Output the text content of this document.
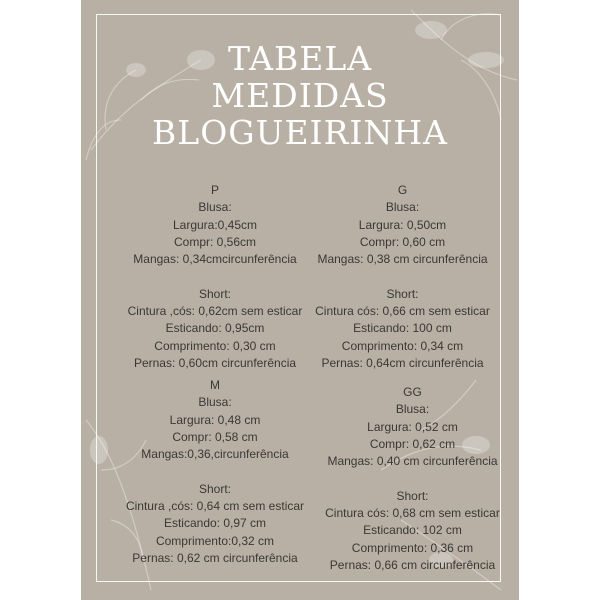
TABELA
MEDIDAS
BLOGUEIRINHA
P
Blusa:
Largura:0,45cm
Compr: 0,56cm
Mangas: 0,34cmcircunferência
Short:
Cintura ,cós: 0,62cm sem esticar
Esticando: 0,95cm
Comprimento: 0,30 cm
Pernas: 0,60cm circunferência
G
Blusa:
Largura: 0,50cm
Compr: 0,60 cm
Mangas: 0,38 cm circunferência
Short:
Cintura cós: 0,66 cm sem esticar
Esticando: 100 cm
Comprimento: 0,34 cm
Pernas: 0,64cm circunferência
M
Blusa:
Largura: 0,48 cm
Compr: 0,58 cm
Mangas:0,36,circunferência
Short:
Cintura ,cós: 0,64 cm sem esticar
Esticando: 0,97 cm
Comprimento:0,32 cm
Pernas: 0,62 cm circunferência
GG
Blusa:
Largura: 0,52 cm
Compr: 0,62 cm
Mangas: 0,40 cm circunferência
Short:
Cintura cós: 0,68 cm sem esticar
Esticando: 102 cm
Comprimento: 0,36 cm
Pernas: 0,66 cm circunferência
